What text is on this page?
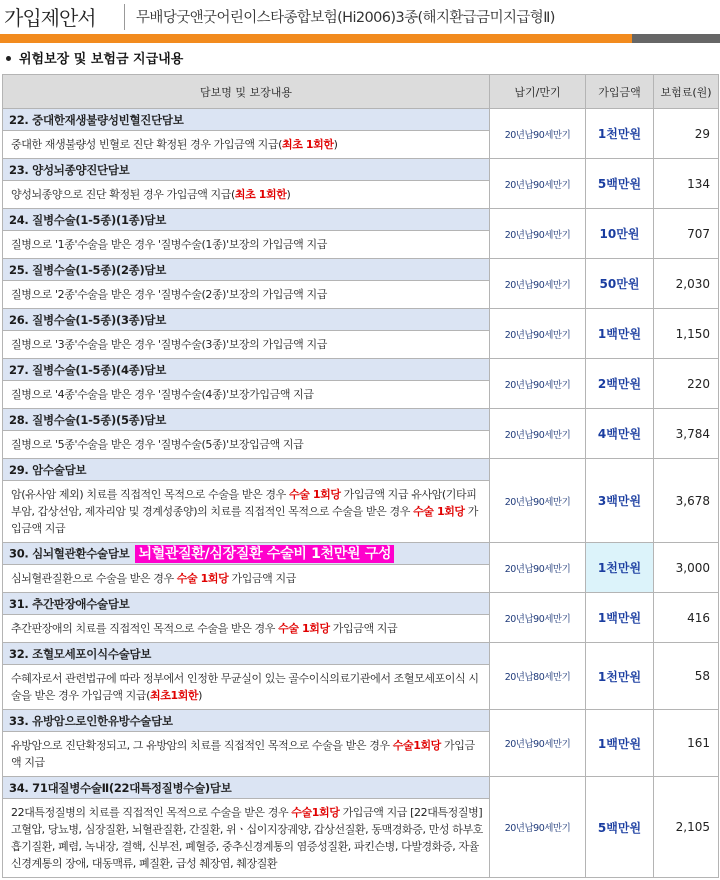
가입제안서	무배당굿앤굿어린이스타종합보험(Hi2006)3종(해지환급금미지급형Ⅱ)
위험보장 및 보험금 지급내용
담보명 및 보장내용	납기/만기	가입금액	보험료(원)
22. 중대한재생불량성빈혈진단담보	20년납90세만기	1천만원	29
중대한 재생불량성 빈혈로 진단 확정된 경우 가입금액 지급(최초 1회한)			
23. 양성뇌종양진단담보	20년납90세만기	5백만원	134
양성뇌종양으로 진단 확정된 경우 가입금액 지급(최초 1회한)			
24. 질병수술(1-5종)(1종)담보	20년납90세만기	10만원	707
질병으로 '1종'수술을 받은 경우 '질병수술(1종)'보장의 가입금액 지급			
25. 질병수술(1-5종)(2종)담보	20년납90세만기	50만원	2,030
질병으로 '2종'수술을 받은 경우 '질병수술(2종)'보장의 가입금액 지급			
26. 질병수술(1-5종)(3종)담보	20년납90세만기	1백만원	1,150
질병으로 '3종'수술을 받은 경우 '질병수술(3종)'보장의 가입금액 지급			
27. 질병수술(1-5종)(4종)담보	20년납90세만기	2백만원	220
질병으로 '4종'수술을 받은 경우 '질병수술(4종)'보장가입금액 지급			
28. 질병수술(1-5종)(5종)담보	20년납90세만기	4백만원	3,784
질병으로 '5종'수술을 받은 경우 '질병수술(5종)'보장입금액 지급			
29. 암수술담보	20년납90세만기	3백만원	3,678
암(유사암 제외) 치료를 직접적인 목적으로 수술을 받은 경우 수술 1회당 가입금액 지급 유사암(기타피부암, 갑상선암, 제자리암 및 경계성종양)의 치료를 직접적인 목적으로 수술을 받은 경우 수술 1회당 가입금액 지급			
30. 심뇌혈관환수술담보 뇌혈관질환/심장질환 수술비 1천만원 구성	20년납90세만기	1천만원	3,000
심뇌혈관질환으로 수술을 받은 경우 수술 1회당 가입금액 지급			
31. 추간판장애수술담보	20년납90세만기	1백만원	416
추간판장애의 치료를 직접적인 목적으로 수술을 받은 경우 수술 1회당 가입금액 지급			
32. 조혈모세포이식수술담보	20년납80세만기	1천만원	58
수혜자로서 관련법규에 따라 정부에서 인정한 무균실이 있는 골수이식의료기관에서 조혈모세포이식 시술을 받은 경우 가입금액 지급(최초1회한)			
33. 유방암으로인한유방수술담보	20년납90세만기	1백만원	161
유방암으로 진단확정되고, 그 유방암의 치료를 직접적인 목적으로 수술을 받은 경우 수술1회당 가입금액 지급			
34. 71대질병수술Ⅱ(22대특정질병수술)담보	20년납90세만기	5백만원	2,105
22대특정질병의 치료를 직접적인 목적으로 수술을 받은 경우 수술1회당 가입금액 지급 [22대특정질병] 고혈압, 당뇨병, 심장질환, 뇌혈관질환, 간질환, 위ㆍ십이지장궤양, 갑상선질환, 동맥경화증, 만성 하부호흡기질환, 폐렴, 녹내장, 결핵, 신부전, 폐혈증, 중추신경계통의 염증성질환, 파킨슨병, 다발경화증, 자율신경계통의 장애, 대동맥류, 폐질환, 급성 췌장염, 췌장질환			
